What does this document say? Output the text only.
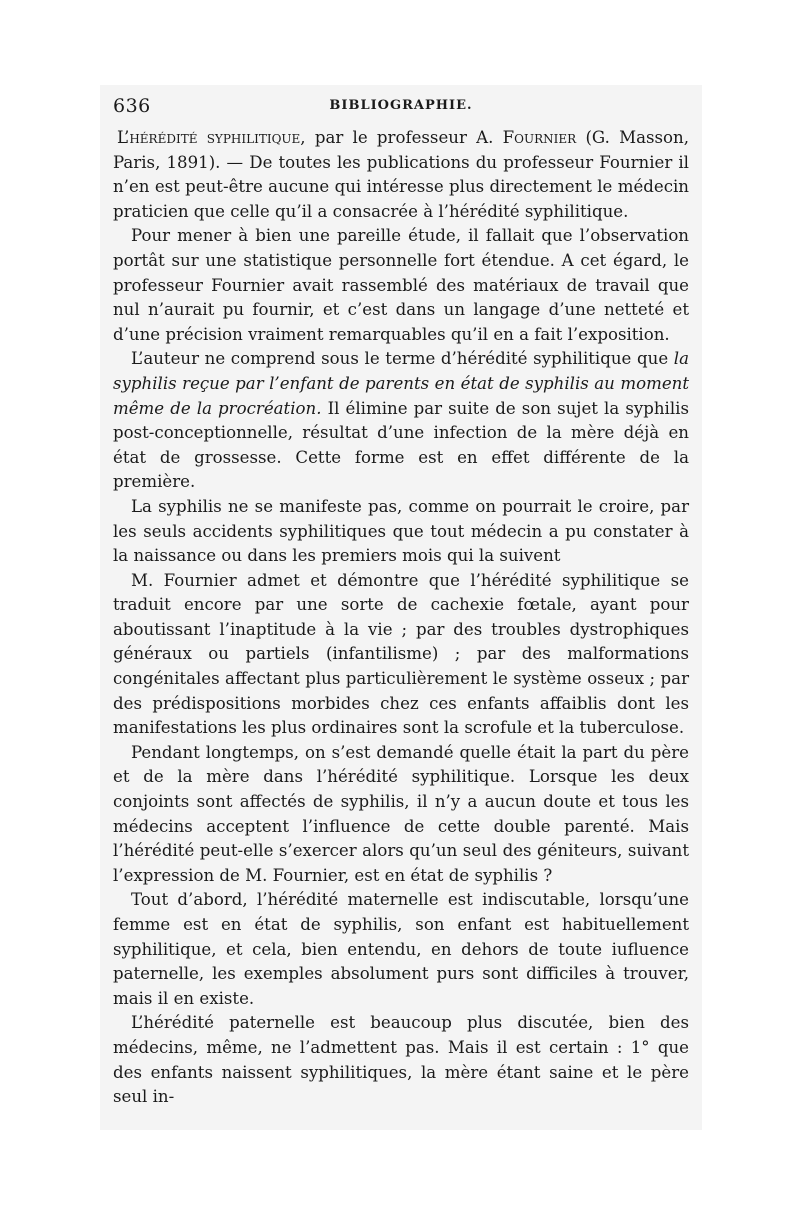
636	BIBLIOGRAPHIE.

L’hérédité syphilitique, par le professeur A. Fournier (G. Masson, Paris, 1891). — De toutes les publications du professeur Fournier il n’en est peut-être aucune qui intéresse plus directement le médecin praticien que celle qu’il a consacrée à l’hérédité syphilitique.

Pour mener à bien une pareille étude, il fallait que l’observation portât sur une statistique personnelle fort étendue. A cet égard, le professeur Fournier avait rassemblé des matériaux de travail que nul n’aurait pu fournir, et c’est dans un langage d’une netteté et d’une précision vraiment remarquables qu’il en a fait l’exposition.

L’auteur ne comprend sous le terme d’hérédité syphilitique que la syphilis reçue par l’enfant de parents en état de syphilis au moment même de la procréation. Il élimine par suite de son sujet la syphilis post-conceptionnelle, résultat d’une infection de la mère déjà en état de grossesse. Cette forme est en effet différente de la première.

La syphilis ne se manifeste pas, comme on pourrait le croire, par les seuls accidents syphilitiques que tout médecin a pu constater à la naissance ou dans les premiers mois qui la suivent

M. Fournier admet et démontre que l’hérédité syphilitique se traduit encore par une sorte de cachexie fœtale, ayant pour aboutissant l’inaptitude à la vie ; par des troubles dystrophiques généraux ou partiels (infantilisme) ; par des malformations congénitales affectant plus particulièrement le système osseux ; par des prédispositions morbides chez ces enfants affaiblis dont les manifestations les plus ordinaires sont la scrofule et la tuberculose.

Pendant longtemps, on s’est demandé quelle était la part du père et de la mère dans l’hérédité syphilitique. Lorsque les deux conjoints sont affectés de syphilis, il n’y a aucun doute et tous les médecins acceptent l’influence de cette double parenté. Mais l’hérédité peut-elle s’exercer alors qu’un seul des géniteurs, suivant l’expression de M. Fournier, est en état de syphilis ?

Tout d’abord, l’hérédité maternelle est indiscutable, lorsqu’une femme est en état de syphilis, son enfant est habituellement syphilitique, et cela, bien entendu, en dehors de toute iufluence paternelle, les exemples absolument purs sont difficiles à trouver, mais il en existe.

L’hérédité paternelle est beaucoup plus discutée, bien des médecins, même, ne l’admettent pas. Mais il est certain : 1° que des enfants naissent syphilitiques, la mère étant saine et le père seul in-
